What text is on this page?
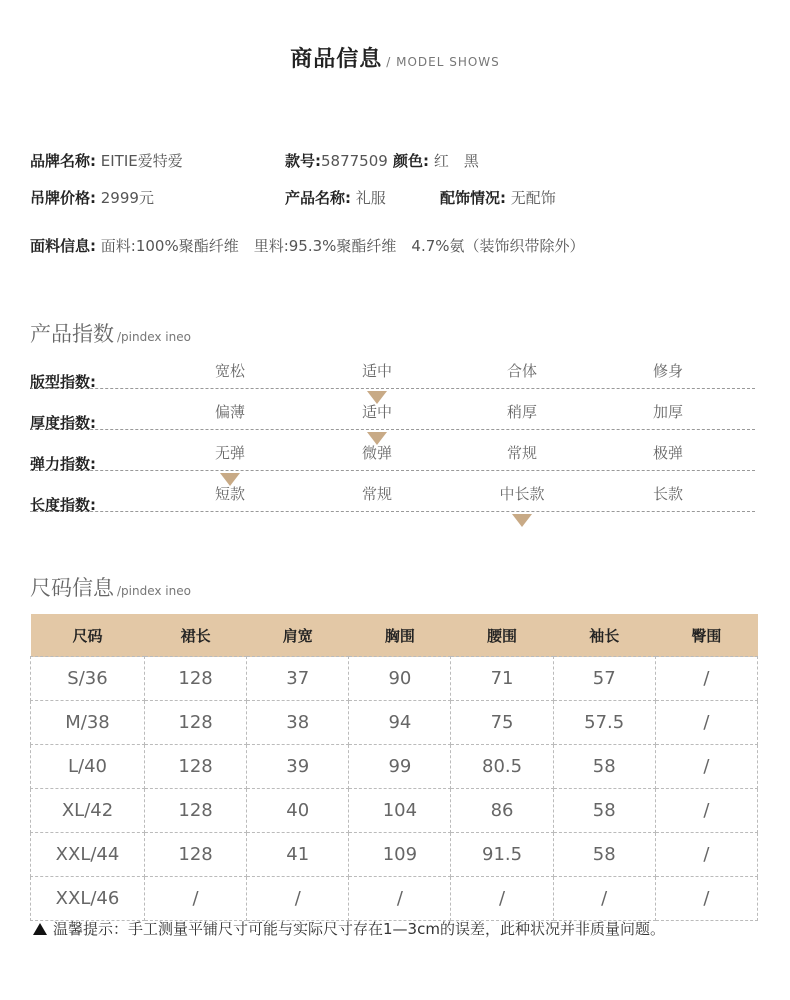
商品信息 / MODEL SHOWS
品牌名称: EITIE爱特爱	款号:5877509 颜色: 红　黑
吊牌价格: 2999元	产品名称: 礼服	配饰情况: 无配饰
面料信息: 面料:100%聚酯纤维　里料:95.3%聚酯纤维　4.7%氨（装饰织带除外）
产品指数 /pindex ineo
版型指数:
宽松	适中	合体	修身
厚度指数:
偏薄	适中	稍厚	加厚
弹力指数:
无弹	微弹	常规	极弹
长度指数:
短款	常规	中长款	长款
尺码信息 /pindex ineo
尺码	裙长	肩宽	胸围	腰围	袖长	臀围
S/36	128	37	90	71	57	/
M/38	128	38	94	75	57.5	/
L/40	128	39	99	80.5	58	/
XL/42	128	40	104	86	58	/
XXL/44	128	41	109	91.5	58	/
XXL/46	/	/	/	/	/	/
温馨提示：手工测量平铺尺寸可能与实际尺寸存在1—3cm的误差，此种状况并非质量问题。
